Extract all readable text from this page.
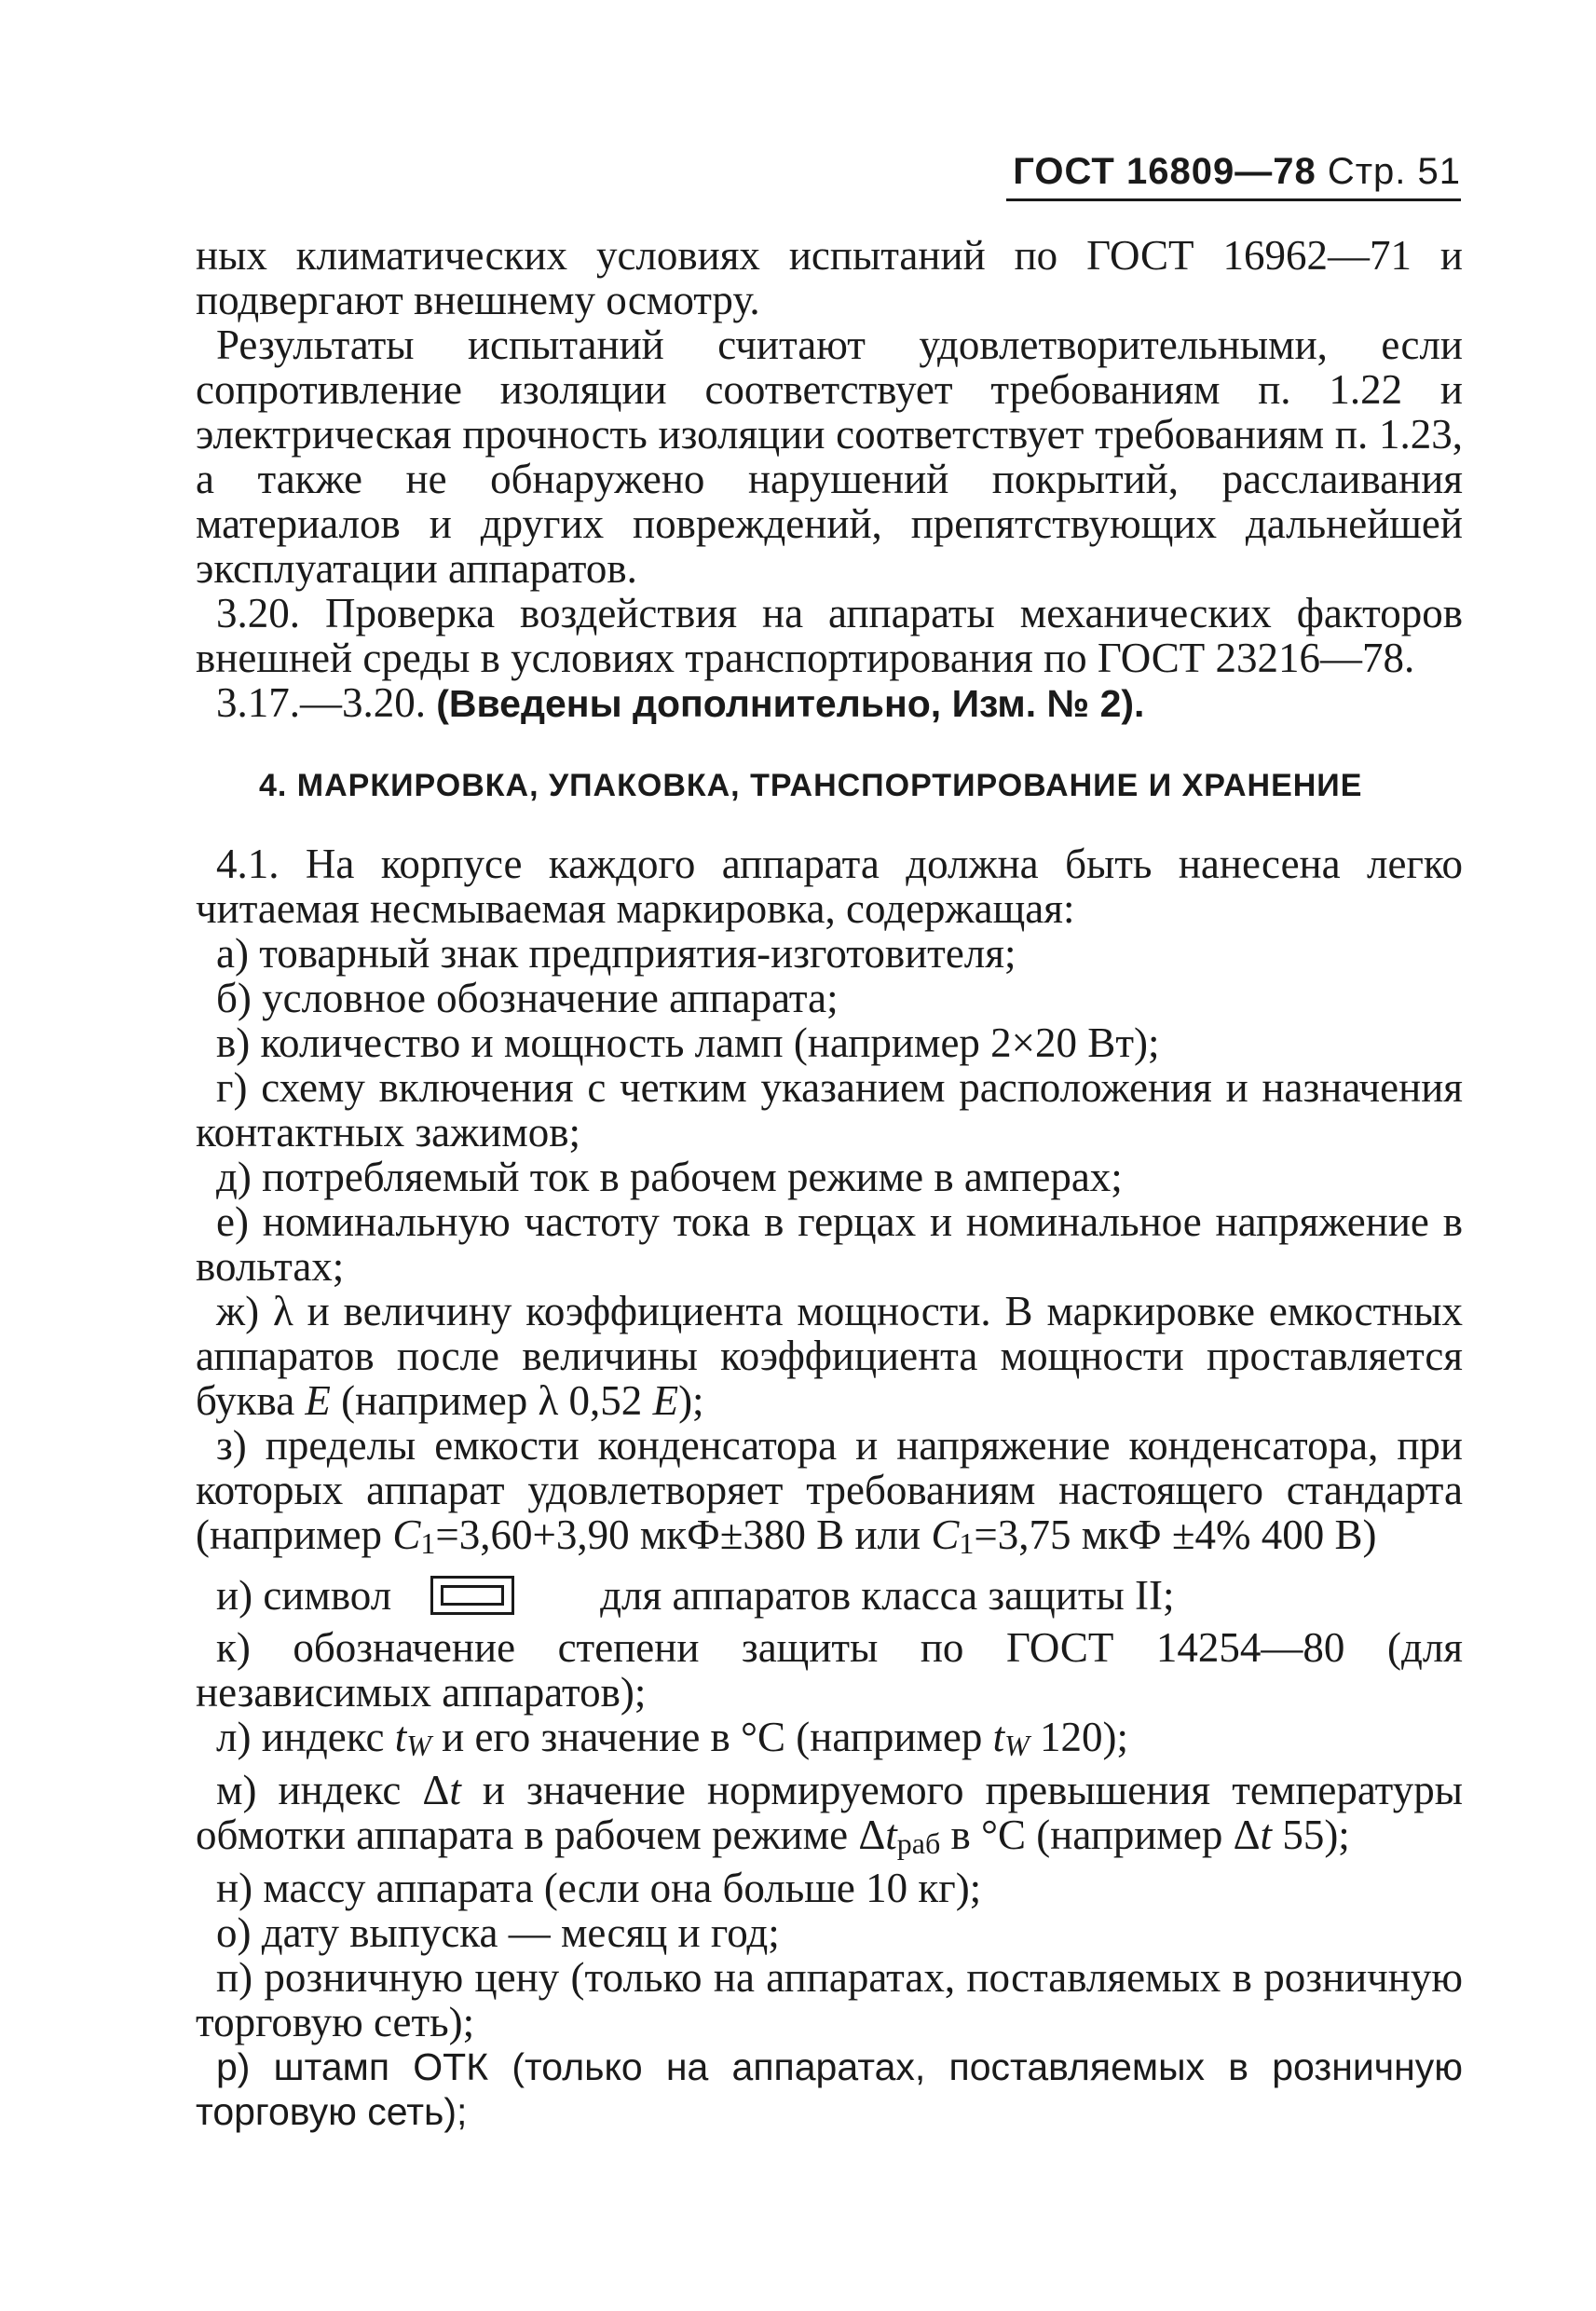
ГОСТ 16809—78 Стр. 51

ных климатических условиях испытаний по ГОСТ 16962—71 и подвергают внешнему осмотру.

Результаты испытаний считают удовлетворительными, если сопротивление изоляции соответствует требованиям п. 1.22 и электрическая прочность изоляции соответствует требованиям п. 1.23, а также не обнаружено нарушений покрытий, расслаивания материалов и других повреждений, препятствующих дальнейшей эксплуатации аппаратов.

3.20. Проверка воздействия на аппараты механических факторов внешней среды в условиях транспортирования по ГОСТ 23216—78.

3.17.—3.20. (Введены дополнительно, Изм. № 2).

4. МАРКИРОВКА, УПАКОВКА, ТРАНСПОРТИРОВАНИЕ И ХРАНЕНИЕ

4.1. На корпусе каждого аппарата должна быть нанесена легко читаемая несмываемая маркировка, содержащая:

а) товарный знак предприятия-изготовителя;

б) условное обозначение аппарата;

в) количество и мощность ламп (например 2×20 Вт);

г) схему включения с четким указанием расположения и назначения контактных зажимов;

д) потребляемый ток в рабочем режиме в амперах;

е) номинальную частоту тока в герцах и номинальное напряжение в вольтах;

ж) λ и величину коэффициента мощности. В маркировке емкостных аппаратов после величины коэффициента мощности проставляется буква E (например λ 0,52 E);

з) пределы емкости конденсатора и напряжение конденсатора, при которых аппарат удовлетворяет требованиям настоящего стандарта (например C1=3,60+3,90 мкФ±380 В или C1=3,75 мкФ ±4% 400 В)

и) символ	для аппаратов класса защиты II;

к) обозначение степени защиты по ГОСТ 14254—80 (для независимых аппаратов);

л) индекс tW и его значение в °С (например tW 120);

м) индекс Δt и значение нормируемого превышения температуры обмотки аппарата в рабочем режиме Δtраб в °С (например Δt 55);

н) массу аппарата (если она больше 10 кг);

о) дату выпуска — месяц и год;

п) розничную цену (только на аппаратах, поставляемых в розничную торговую сеть);

р) штамп ОТК (только на аппаратах, поставляемых в розничную торговую сеть);
